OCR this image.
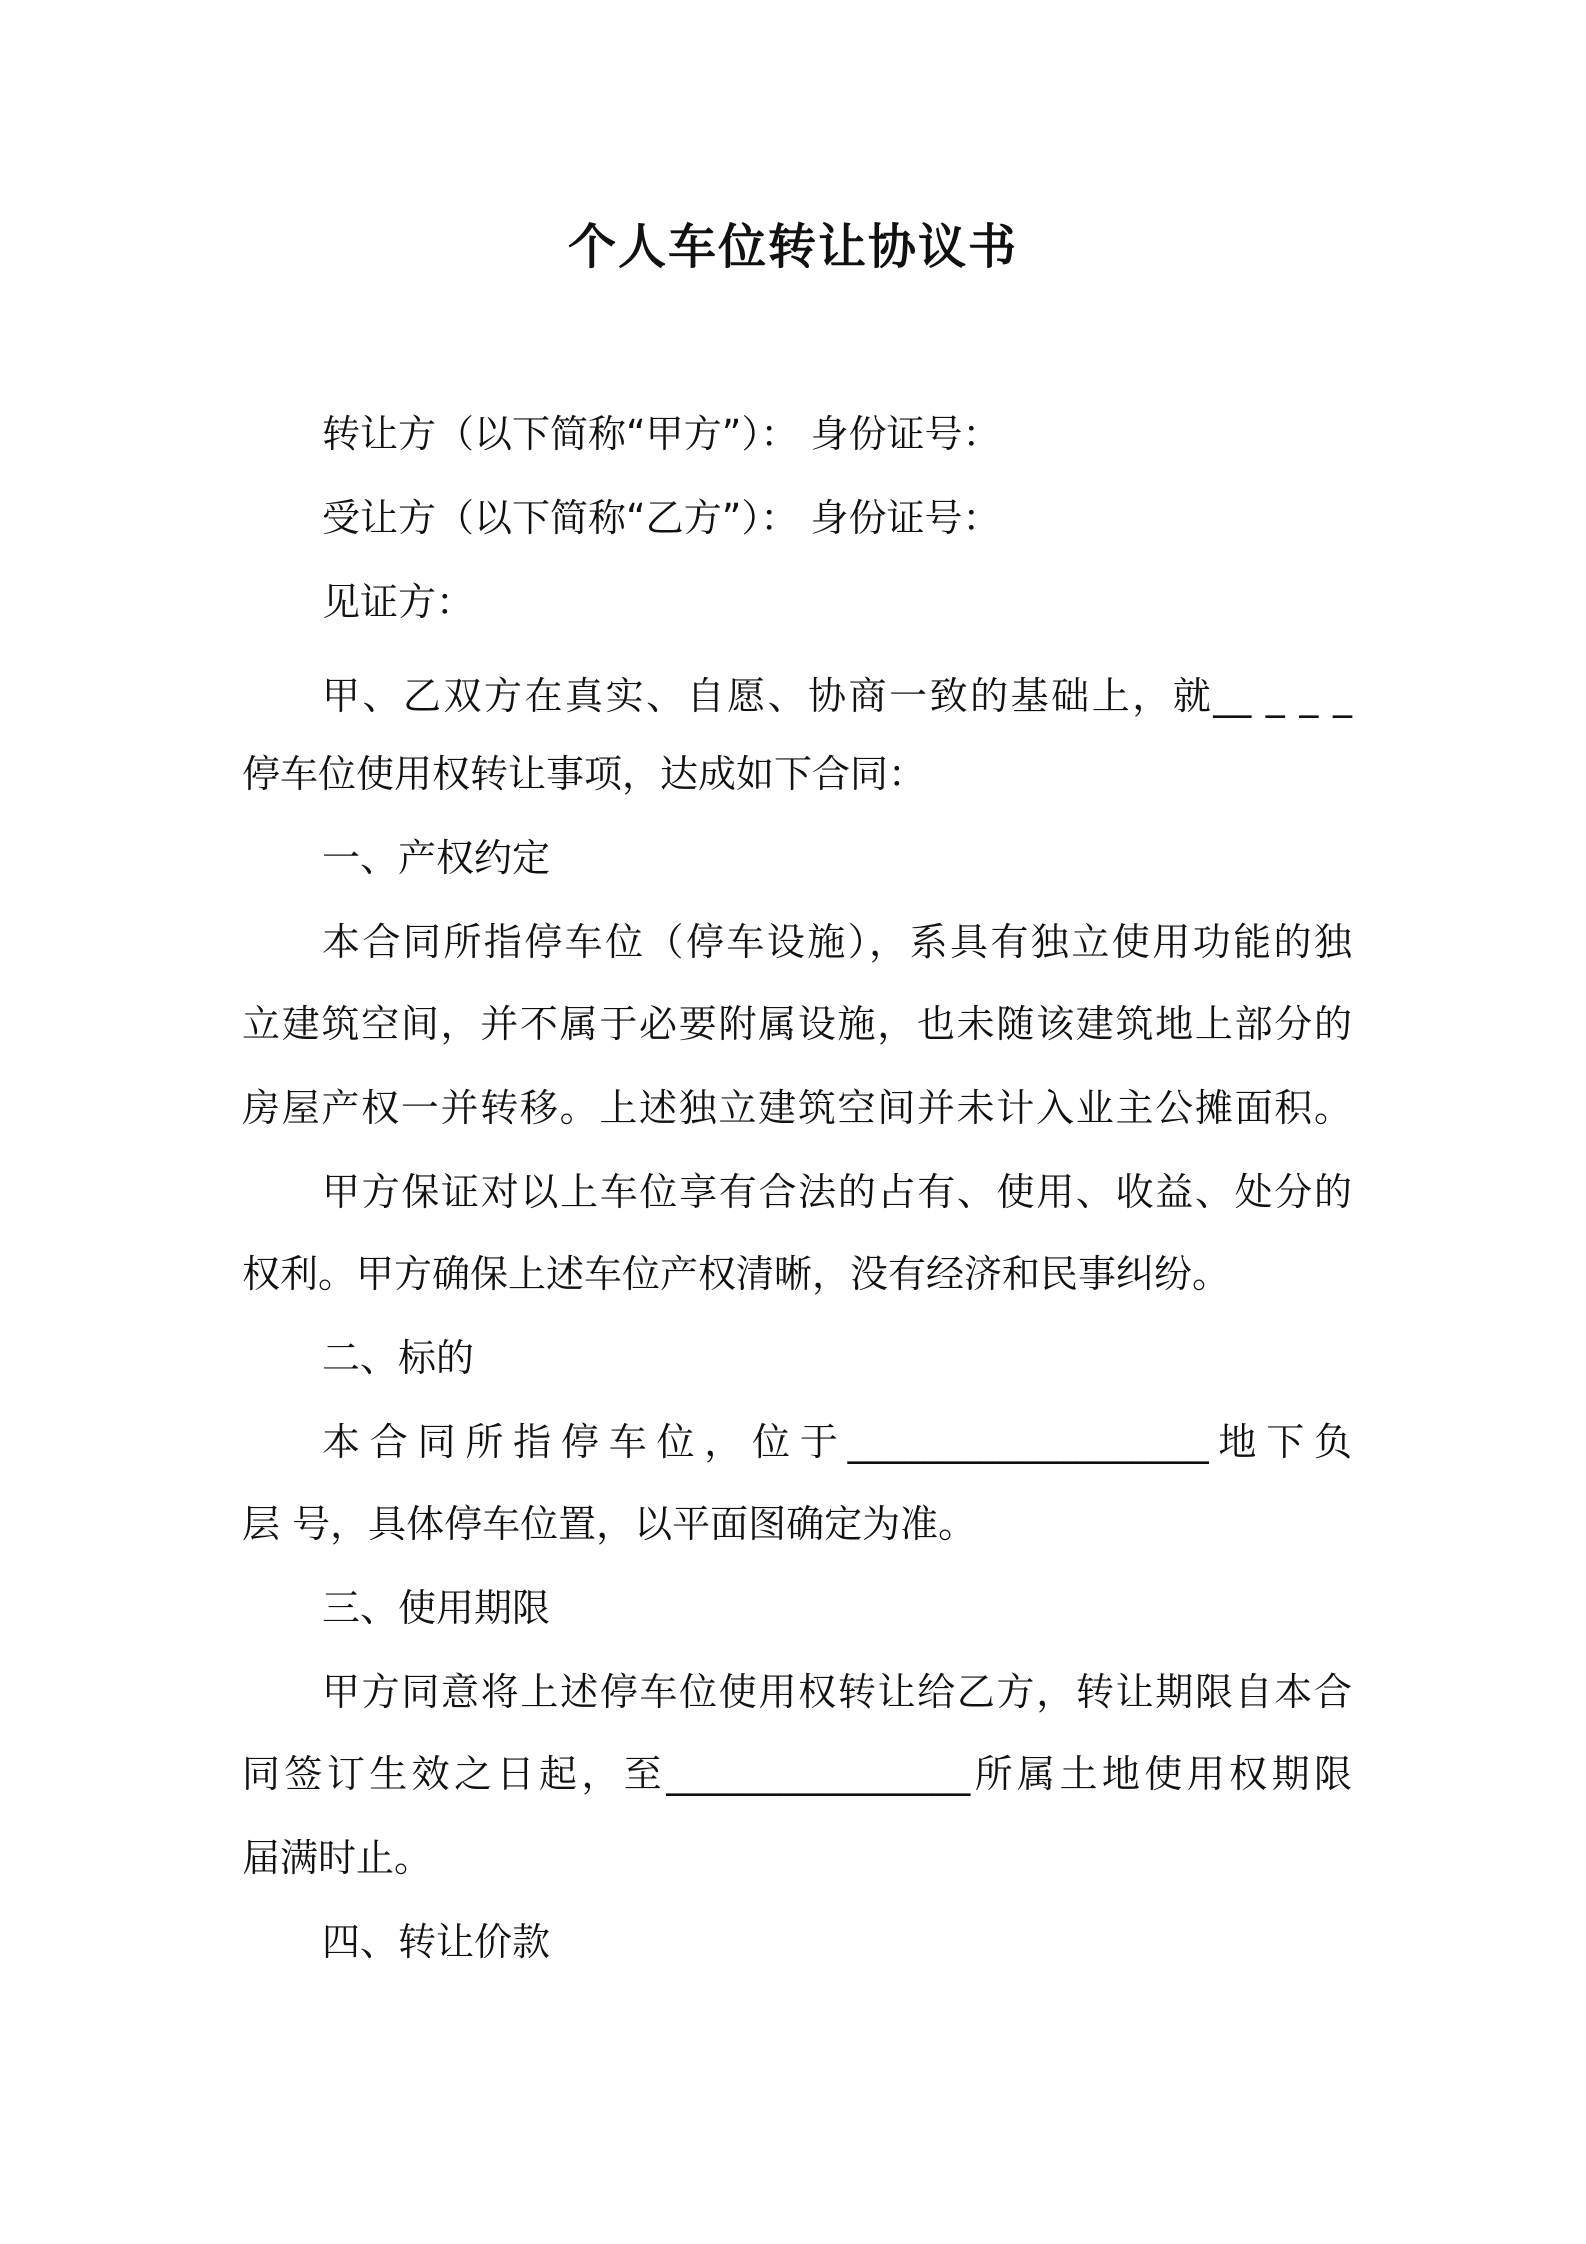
个人车位转让协议书
转让方（以下简称“甲方”）： 身份证号：
受让方（以下简称“乙方”）： 身份证号：
见证方：
甲、乙双方在真实、自愿、协商一致的基础上，就__ _ _ _
停车位使用权转让事项，达成如下合同：
一、产权约定
本合同所指停车位（停车设施），系具有独立使用功能的独
立建筑空间，并不属于必要附属设施，也未随该建筑地上部分的
房屋产权一并转移。上述独立建筑空间并未计入业主公摊面积。
甲方保证对以上车位享有合法的占有、使用、收益、处分的
权利。甲方确保上述车位产权清晰，没有经济和民事纠纷。
二、标的
本合同所指停车位，位于___________________地下负
层 号，具体停车位置，以平面图确定为准。
三、使用期限
甲方同意将上述停车位使用权转让给乙方，转让期限自本合
同签订生效之日起，至________________所属土地使用权期限
届满时止。
四、转让价款
